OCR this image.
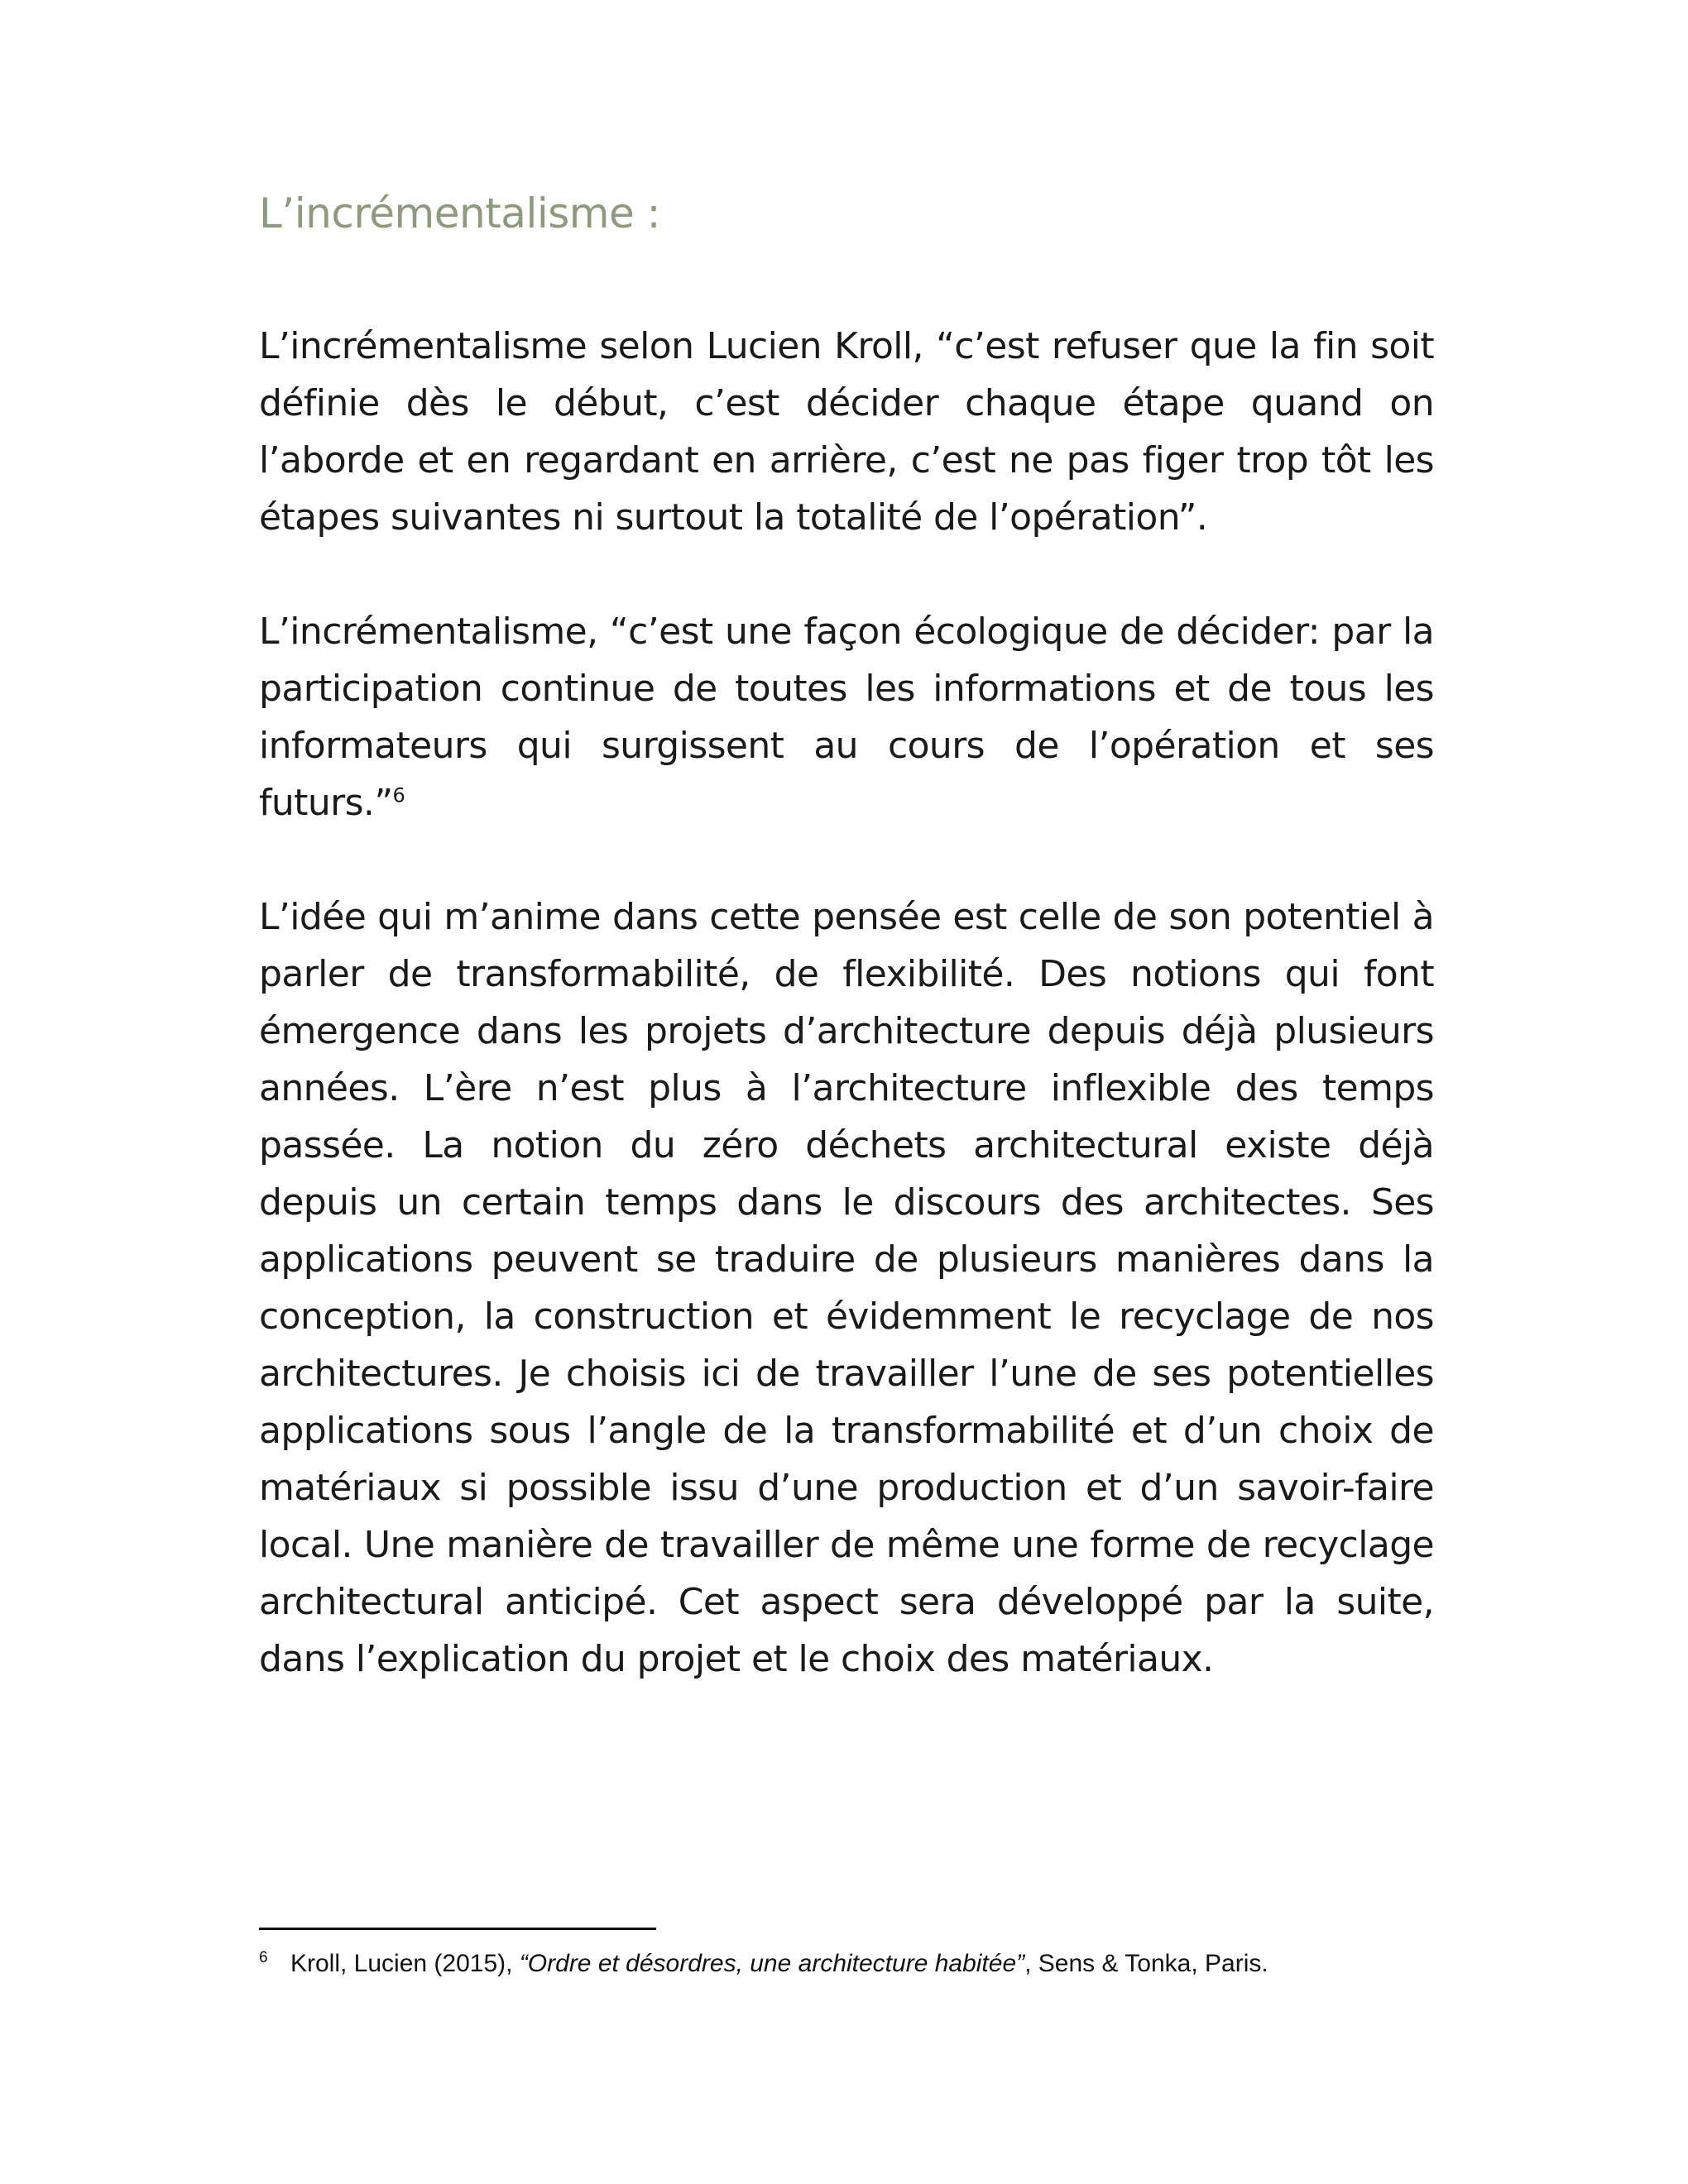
L’incrémentalisme :

L’incrémentalisme selon Lucien Kroll, “c’est refuser que la fin soit définie dès le début, c’est décider chaque étape quand on l’aborde et en regardant en arrière, c’est ne pas figer trop tôt les étapes suivantes ni surtout la totalité de l’opération”.

L’incrémentalisme, “c’est une façon écologique de décider: par la participation continue de toutes les informations et de tous les informateurs qui surgissent au cours de l’opération et ses futurs.”$^6$

L’idée qui m’anime dans cette pensée est celle de son potentiel à parler de transformabilité, de flexibilité. Des notions qui font émergence dans les projets d’architecture depuis déjà plusieurs années. L’ère n’est plus à l’architecture inflexible des temps passée. La notion du zéro déchets architectural existe déjà depuis un certain temps dans le discours des architectes. Ses applications peuvent se traduire de plusieurs manières dans la conception, la construction et évidemment le recyclage de nos architectures. Je choisis ici de travailler l’une de ses potentielles applications sous l’angle de la transformabilité et d’un choix de matériaux si possible issu d’une production et d’un savoir-faire local. Une manière de travailler de même une forme de recyclage architectural anticipé. Cet aspect sera développé par la suite, dans l’explication du projet et le choix des matériaux.

6 Kroll, Lucien (2015), “Ordre et désordres, une architecture habitée”, Sens & Tonka, Paris.
